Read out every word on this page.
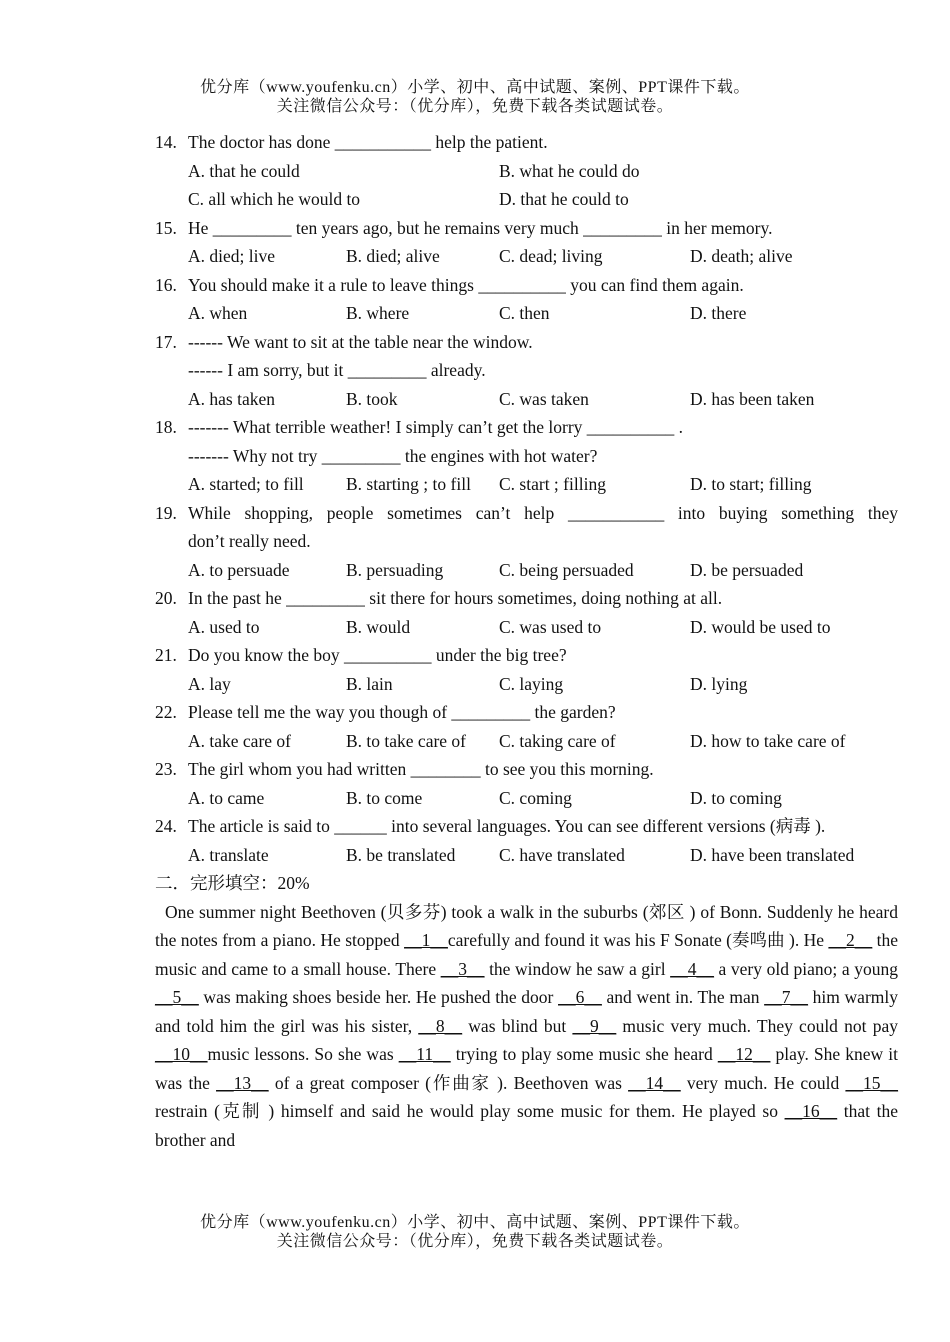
优分库（www.youfenku.cn）小学、初中、高中试题、案例、PPT课件下载。
关注微信公众号：（优分库），免费下载各类试题试卷。
14. The doctor has done ___________ help the patient.
A. that he could	B. what he could do
C. all which he would to	D. that he could to
15. He _________ ten years ago, but he remains very much _________ in her memory.
A. died; live	B. died; alive	C. dead; living	D. death; alive
16. You should make it a rule to leave things __________ you can find them again.
A. when	B. where	C. then	D. there
17. ------ We want to sit at the table near the window.
------ I am sorry, but it _________ already.
A. has taken	B. took	C. was taken	D. has been taken
18. ------- What terrible weather! I simply can’t get the lorry __________ .
------- Why not try _________ the engines with hot water?
A. started; to fill B. starting ; to fill C. start ; filling	D. to start; filling
19. While shopping, people sometimes can’t help ___________ into buying something they
don’t really need.
A. to persuade	B. persuading	C. being persuaded	D. be persuaded
20. In the past he _________ sit there for hours sometimes, doing nothing at all.
A. used to	B. would	C. was used to	D. would be used to
21. Do you know the boy __________ under the big tree?
A. lay	B. lain	C. laying	D. lying
22. Please tell me the way you though of _________ the garden?
A. take care of	B. to take care of C. taking care of	D. how to take care of
23. The girl whom you had written ________ to see you this morning.
A. to came	B. to come	C. coming	D. to coming
24. The article is said to ______ into several languages. You can see different versions (病毒 ).
A. translate	B. be translated C. have translated	D. have been translated
二．完形填空：20%
One summer night Beethoven (贝多芬) took a walk in the suburbs (郊区 ) of Bonn. Suddenly he heard the notes from a piano. He stopped __1__carefully and found it was his F Sonate (奏鸣曲 ). He __2__ the music and came to a small house. There __3__ the window he saw a girl __4__ a very old piano; a young __5__ was making shoes beside her. He pushed the door __6__ and went in. The man __7__ him warmly and told him the girl was his sister, __8__ was blind but __9__ music very much. They could not pay __10__music lessons. So she was __11__ trying to play some music she heard __12__ play. She knew it was the __13__ of a great composer (作曲家 ). Beethoven was __14__ very much. He could __15__ restrain (克制 ) himself and said he would play some music for them. He played so __16__ that the brother and
优分库（www.youfenku.cn）小学、初中、高中试题、案例、PPT课件下载。
关注微信公众号：（优分库），免费下载各类试题试卷。
